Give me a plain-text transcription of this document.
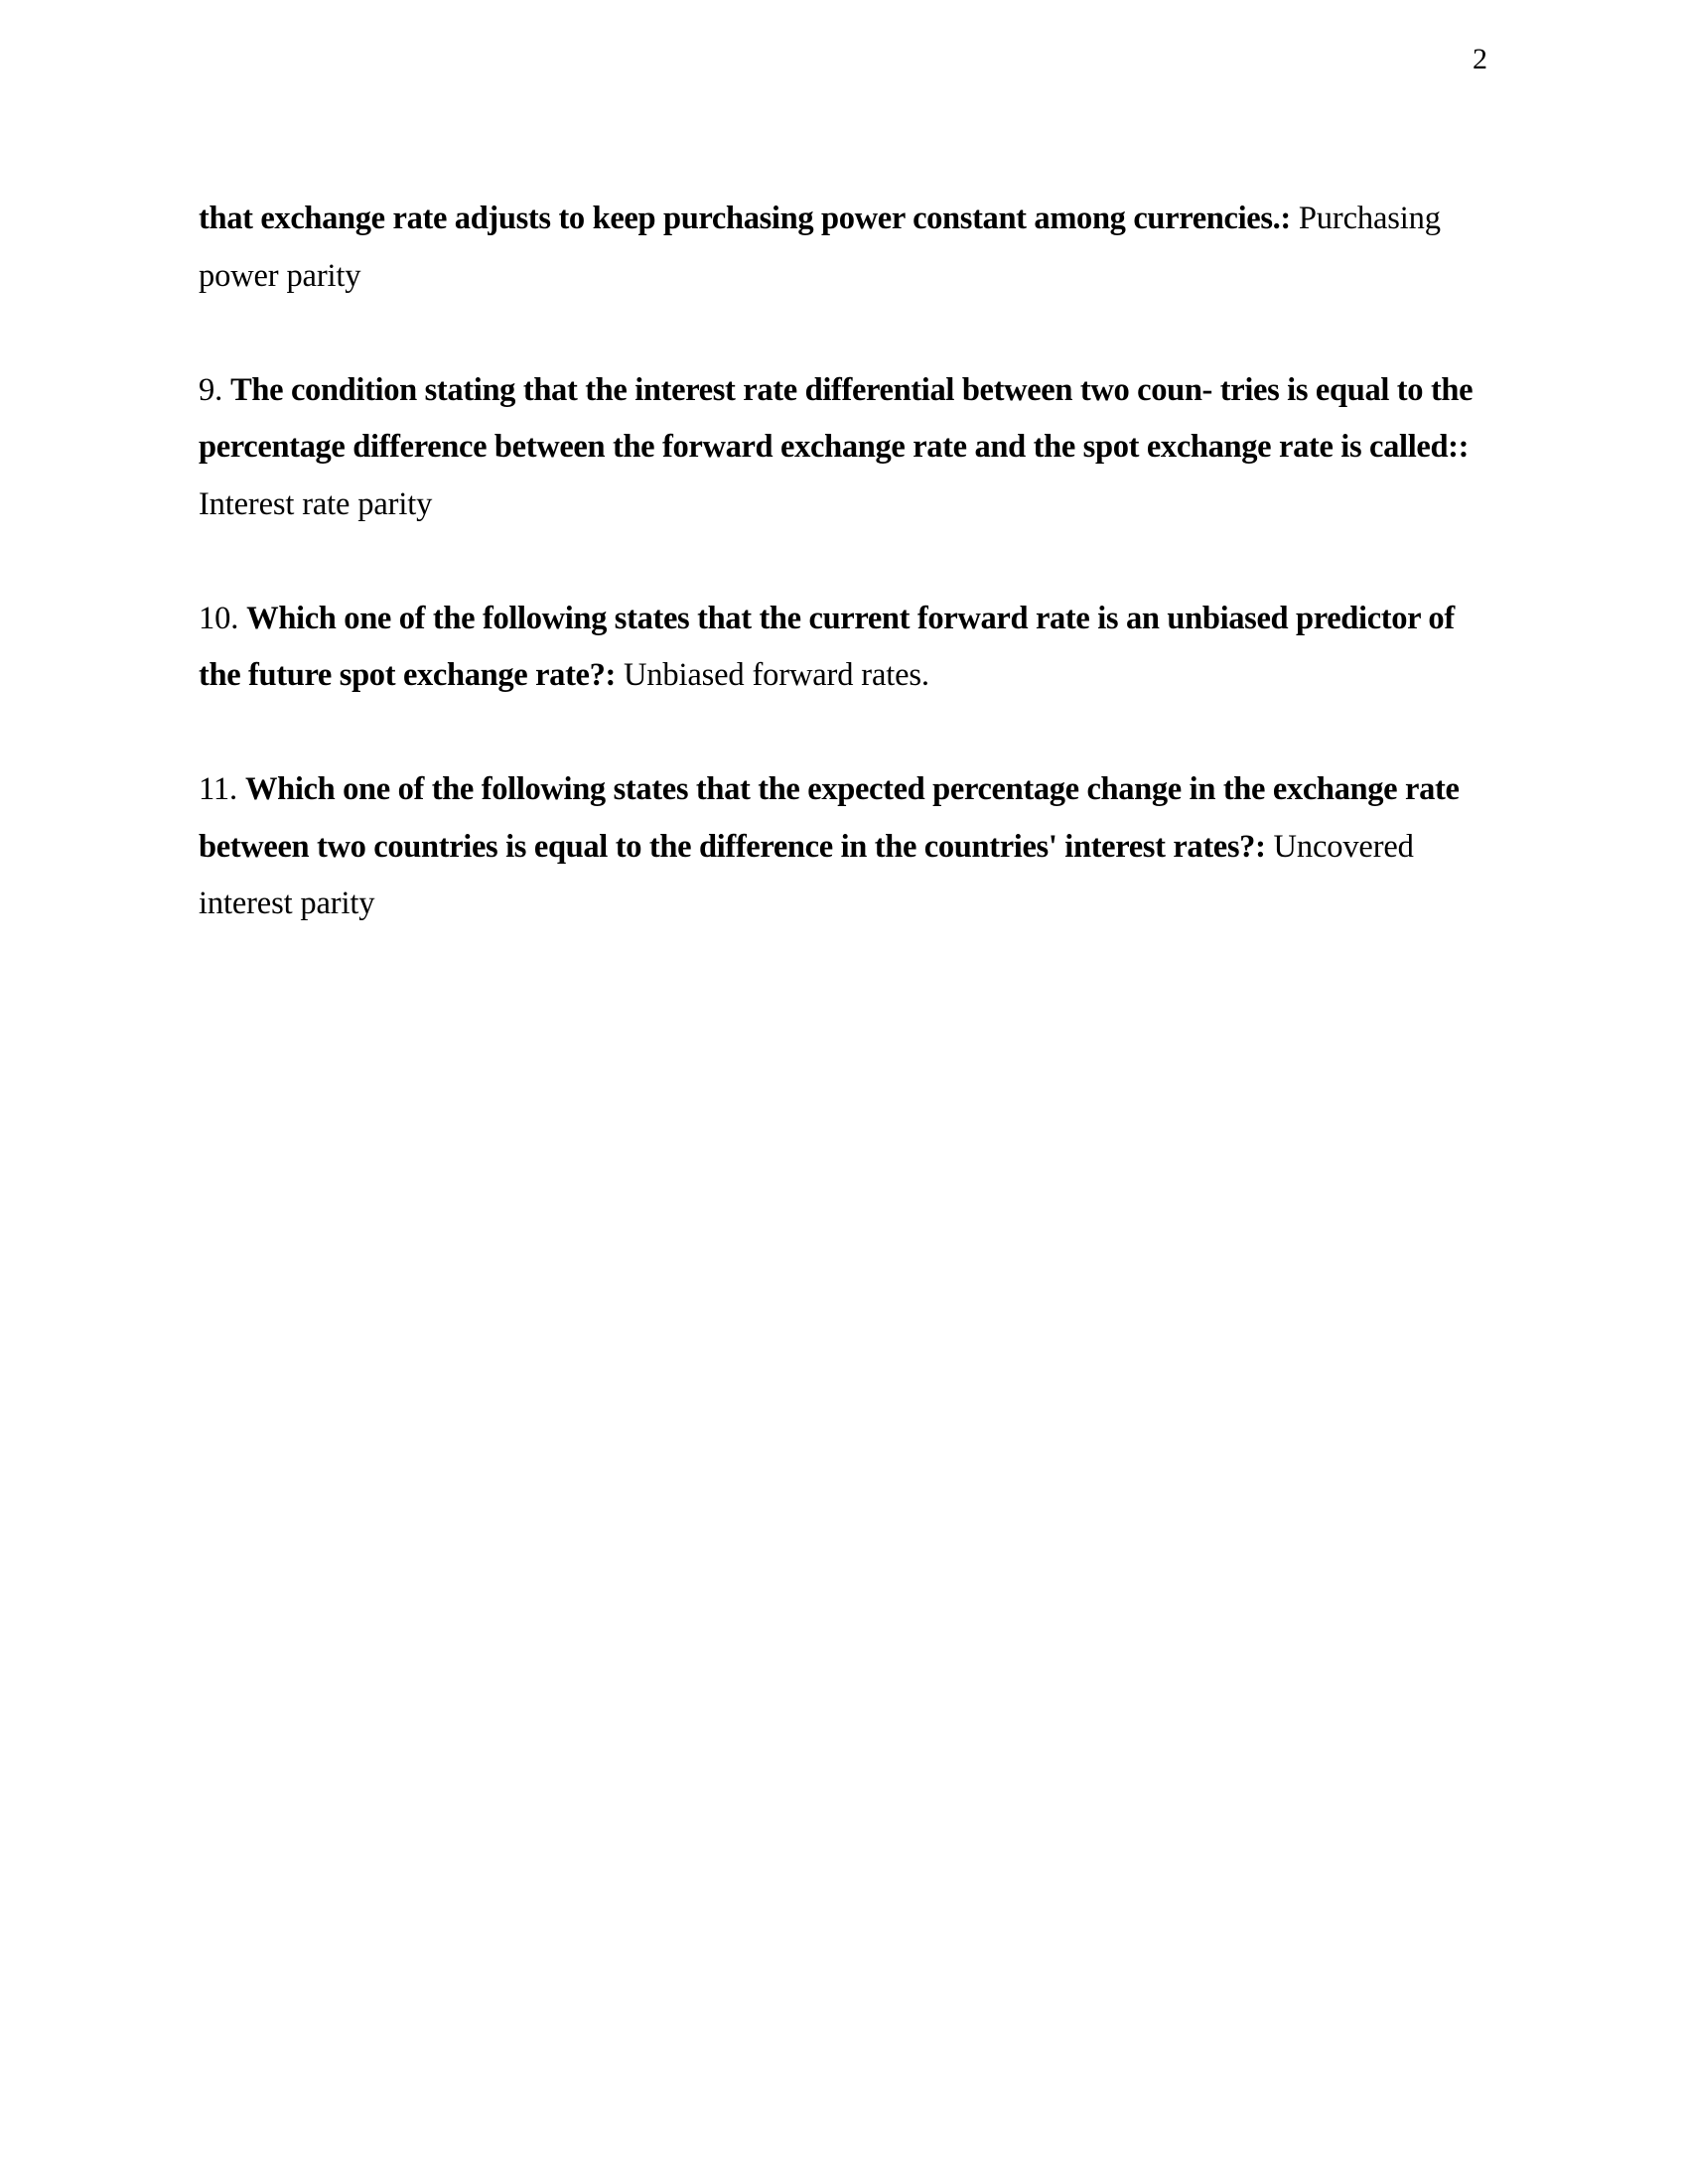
2

that exchange rate adjusts to keep purchasing power constant among currencies.: Purchasing power parity

9. The condition stating that the interest rate differential between two coun- tries is equal to the percentage difference between the forward exchange rate and the spot exchange rate is called:: Interest rate parity

10. Which one of the following states that the current forward rate is an unbiased predictor of the future spot exchange rate?: Unbiased forward rates.

11. Which one of the following states that the expected percentage change in the exchange rate between two countries is equal to the difference in the countries' interest rates?: Uncovered interest parity
